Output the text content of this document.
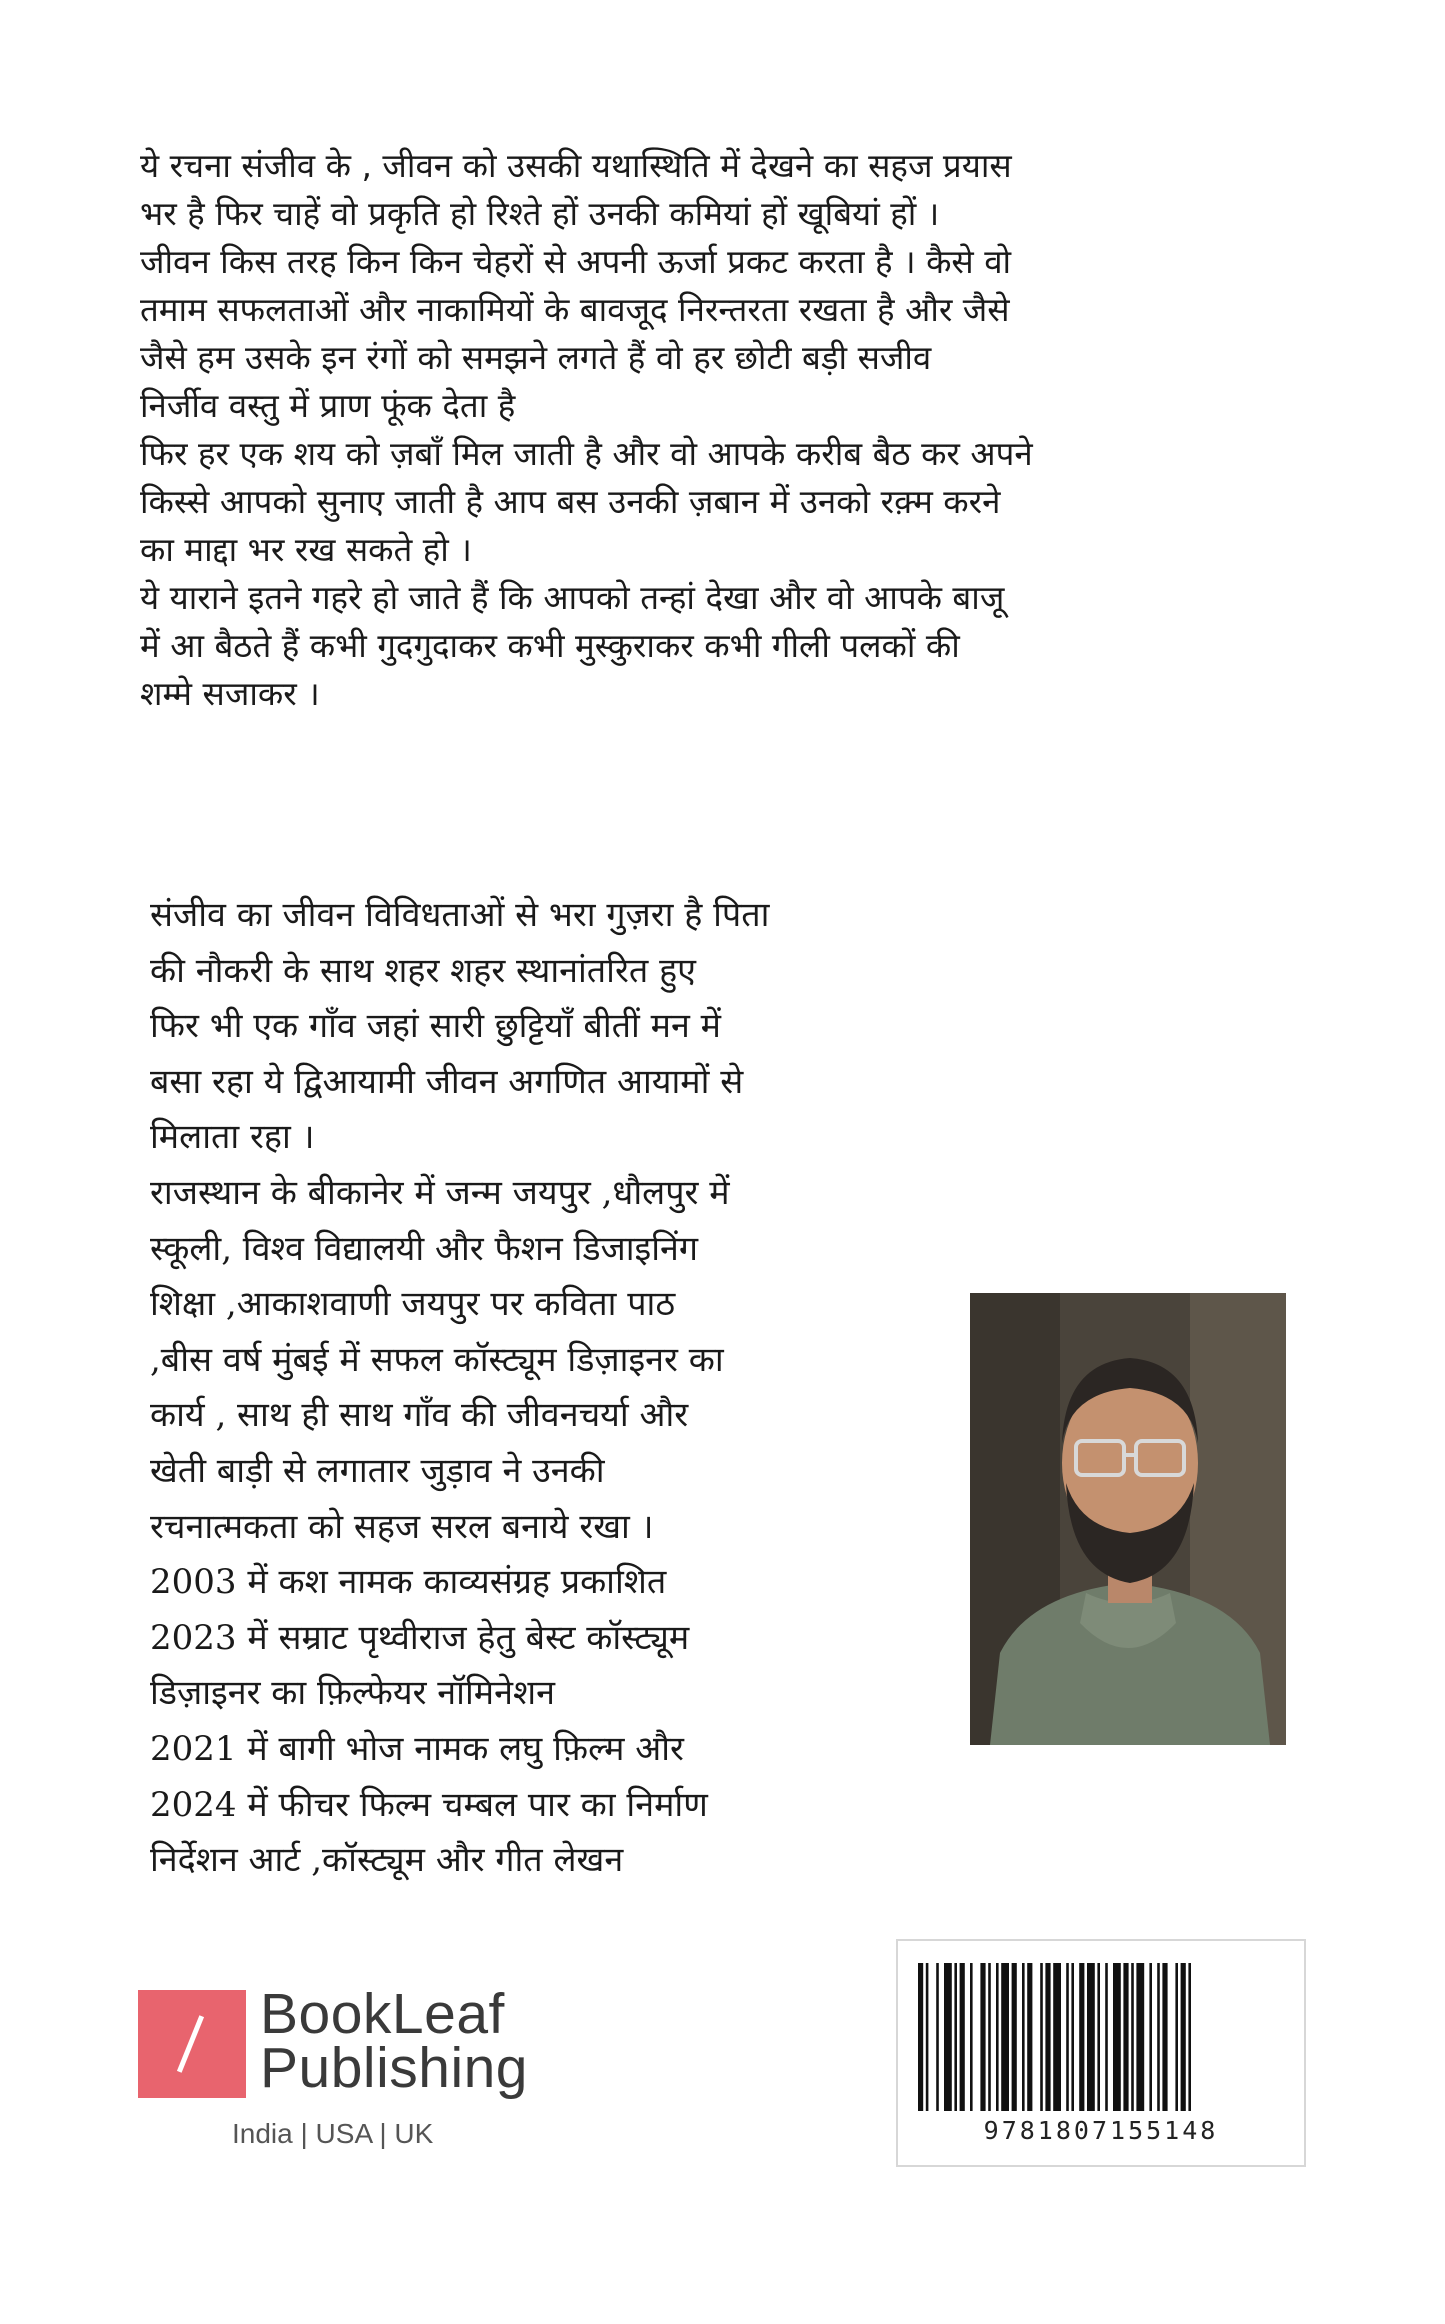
ये रचना संजीव के , जीवन को उसकी यथास्थिति में देखने का सहज प्रयास
भर है फिर चाहें वो प्रकृति हो रिश्ते हों उनकी कमियां हों खूबियां हों ।
जीवन किस तरह किन किन चेहरों से अपनी ऊर्जा प्रकट करता है । कैसे वो
तमाम सफलताओं और नाकामियों के बावजूद निरन्तरता रखता है और जैसे
जैसे हम उसके इन रंगों को समझने लगते हैं वो हर छोटी बड़ी सजीव
निर्जीव वस्तु में प्राण फूंक देता है
फिर हर एक शय को ज़बाँ मिल जाती है और वो आपके करीब बैठ कर अपने
किस्से आपको सुनाए जाती है आप बस उनकी ज़बान में उनको रक़्म करने
का माद्दा भर रख सकते हो ।
ये याराने इतने गहरे हो जाते हैं कि आपको तन्हां देखा और वो आपके बाजू
में आ बैठते हैं कभी गुदगुदाकर कभी मुस्कुराकर कभी गीली पलकों की
शम्मे सजाकर ।
संजीव का जीवन विविधताओं से भरा गुज़रा है पिता
की नौकरी के साथ शहर शहर स्थानांतरित हुए
फिर भी एक गाँव जहां सारी छुट्टियाँ बीतीं मन में
बसा रहा ये द्विआयामी जीवन अगणित आयामों से
मिलाता रहा ।
राजस्थान के बीकानेर में जन्म जयपुर ,धौलपुर में
स्कूली, विश्व विद्यालयी और फैशन डिजाइनिंग
शिक्षा ,आकाशवाणी जयपुर पर कविता पाठ
,बीस वर्ष मुंबई में सफल कॉस्ट्यूम डिज़ाइनर का
कार्य , साथ ही साथ गाँव की जीवनचर्या और
खेती बाड़ी से लगातार जुड़ाव ने उनकी
रचनात्मकता को सहज सरल बनाये रखा ।
2003 में कश नामक काव्यसंग्रह प्रकाशित
2023 में सम्राट पृथ्वीराज हेतु बेस्ट कॉस्ट्यूम
डिज़ाइनर का फ़िल्फेयर नॉमिनेशन
2021 में बागी भोज नामक लघु फ़िल्म और
2024 में फीचर फिल्म चम्बल पार का निर्माण
निर्देशन आर्ट ,कॉस्ट्यूम और गीत लेखन
BookLeaf
Publishing
India | USA | UK	9781807155148
